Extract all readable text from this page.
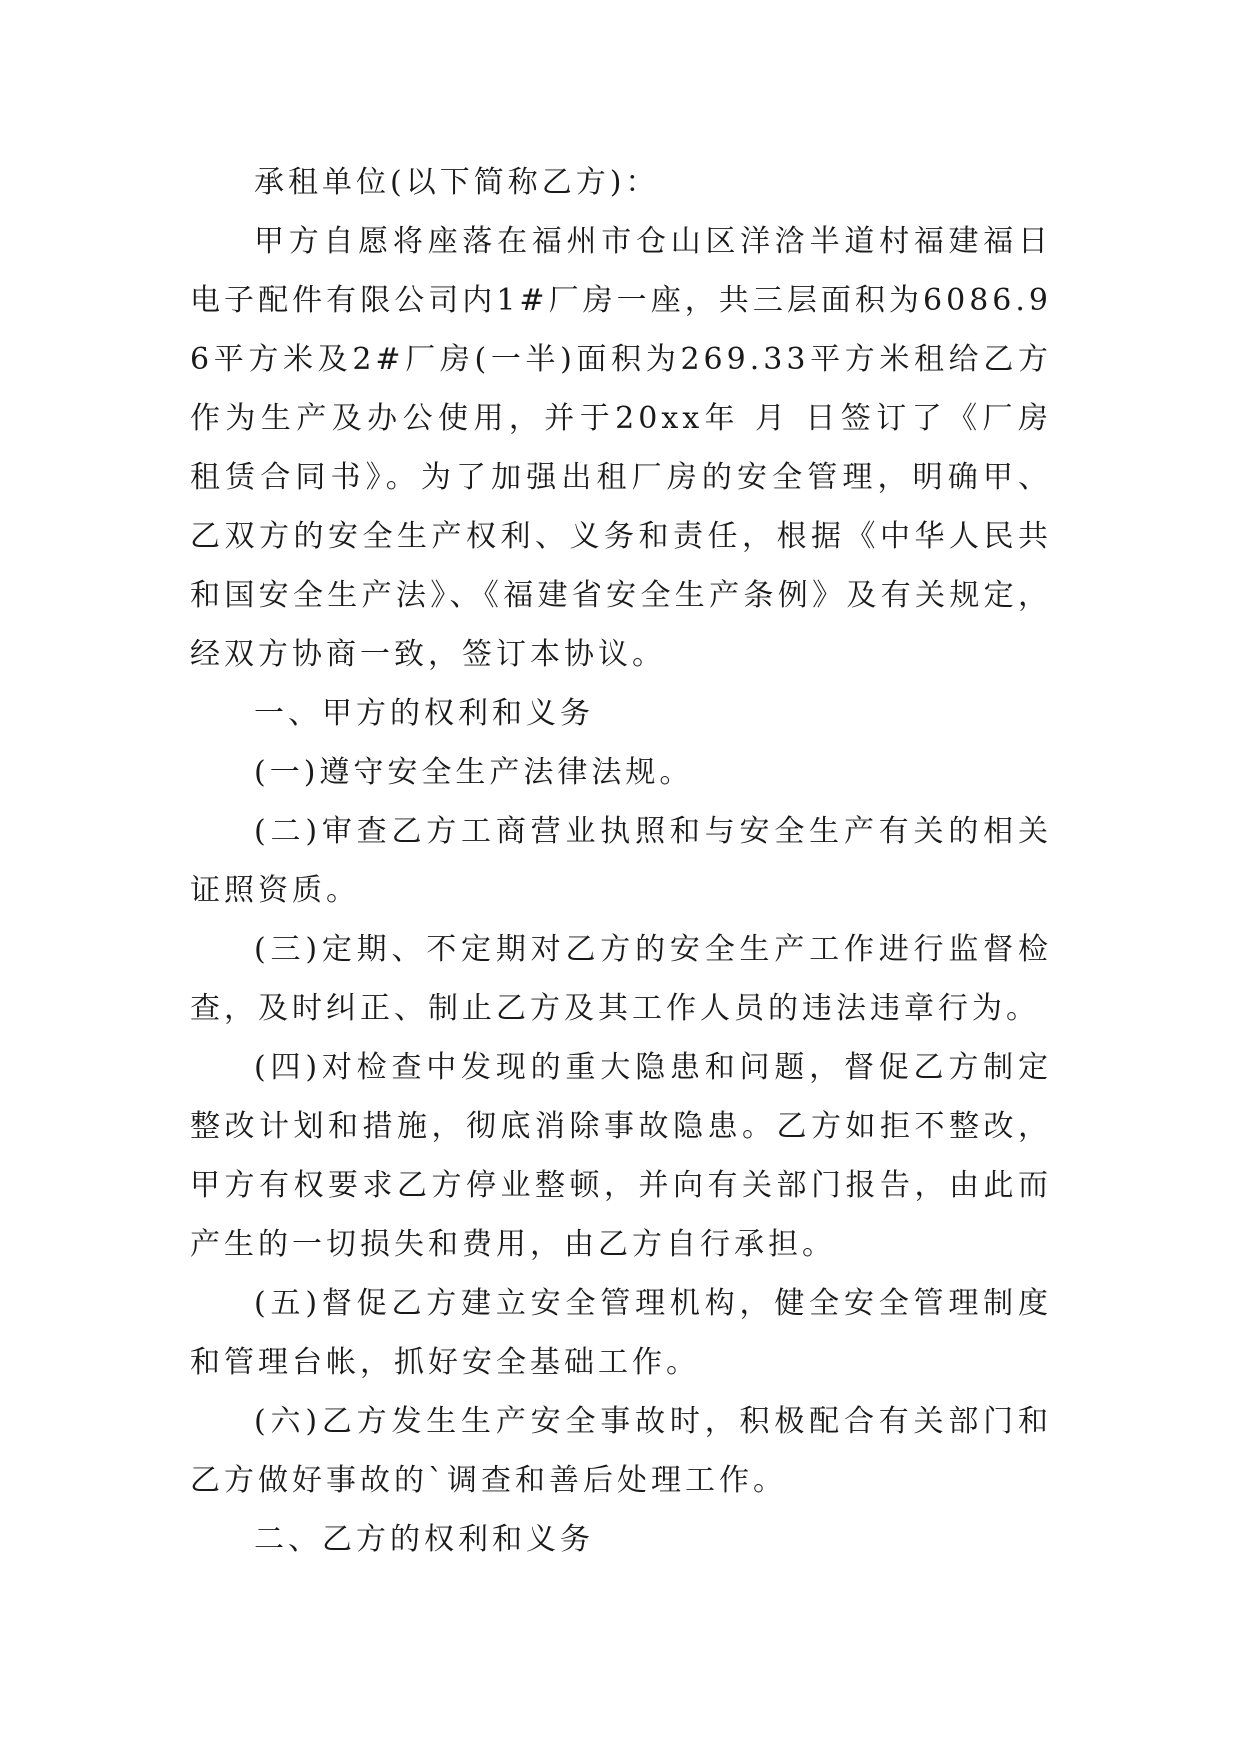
承租单位(以下简称乙方)：

甲方自愿将座落在福州市仓山区洋浛半道村福建福日电子配件有限公司内1#厂房一座，共三层面积为6086.96平方米及2#厂房(一半)面积为269.33平方米租给乙方作为生产及办公使用，并于20xx年 月 日签订了《厂房租赁合同书》。为了加强出租厂房的安全管理，明确甲、乙双方的安全生产权利、义务和责任，根据《中华人民共和国安全生产法》、《福建省安全生产条例》及有关规定，经双方协商一致，签订本协议。

一、甲方的权利和义务

(一)遵守安全生产法律法规。

(二)审查乙方工商营业执照和与安全生产有关的相关证照资质。

(三)定期、不定期对乙方的安全生产工作进行监督检查，及时纠正、制止乙方及其工作人员的违法违章行为。

(四)对检查中发现的重大隐患和问题，督促乙方制定整改计划和措施，彻底消除事故隐患。乙方如拒不整改，甲方有权要求乙方停业整顿，并向有关部门报告，由此而产生的一切损失和费用，由乙方自行承担。

(五)督促乙方建立安全管理机构，健全安全管理制度和管理台帐，抓好安全基础工作。

(六)乙方发生生产安全事故时，积极配合有关部门和乙方做好事故的`调查和善后处理工作。

二、乙方的权利和义务
